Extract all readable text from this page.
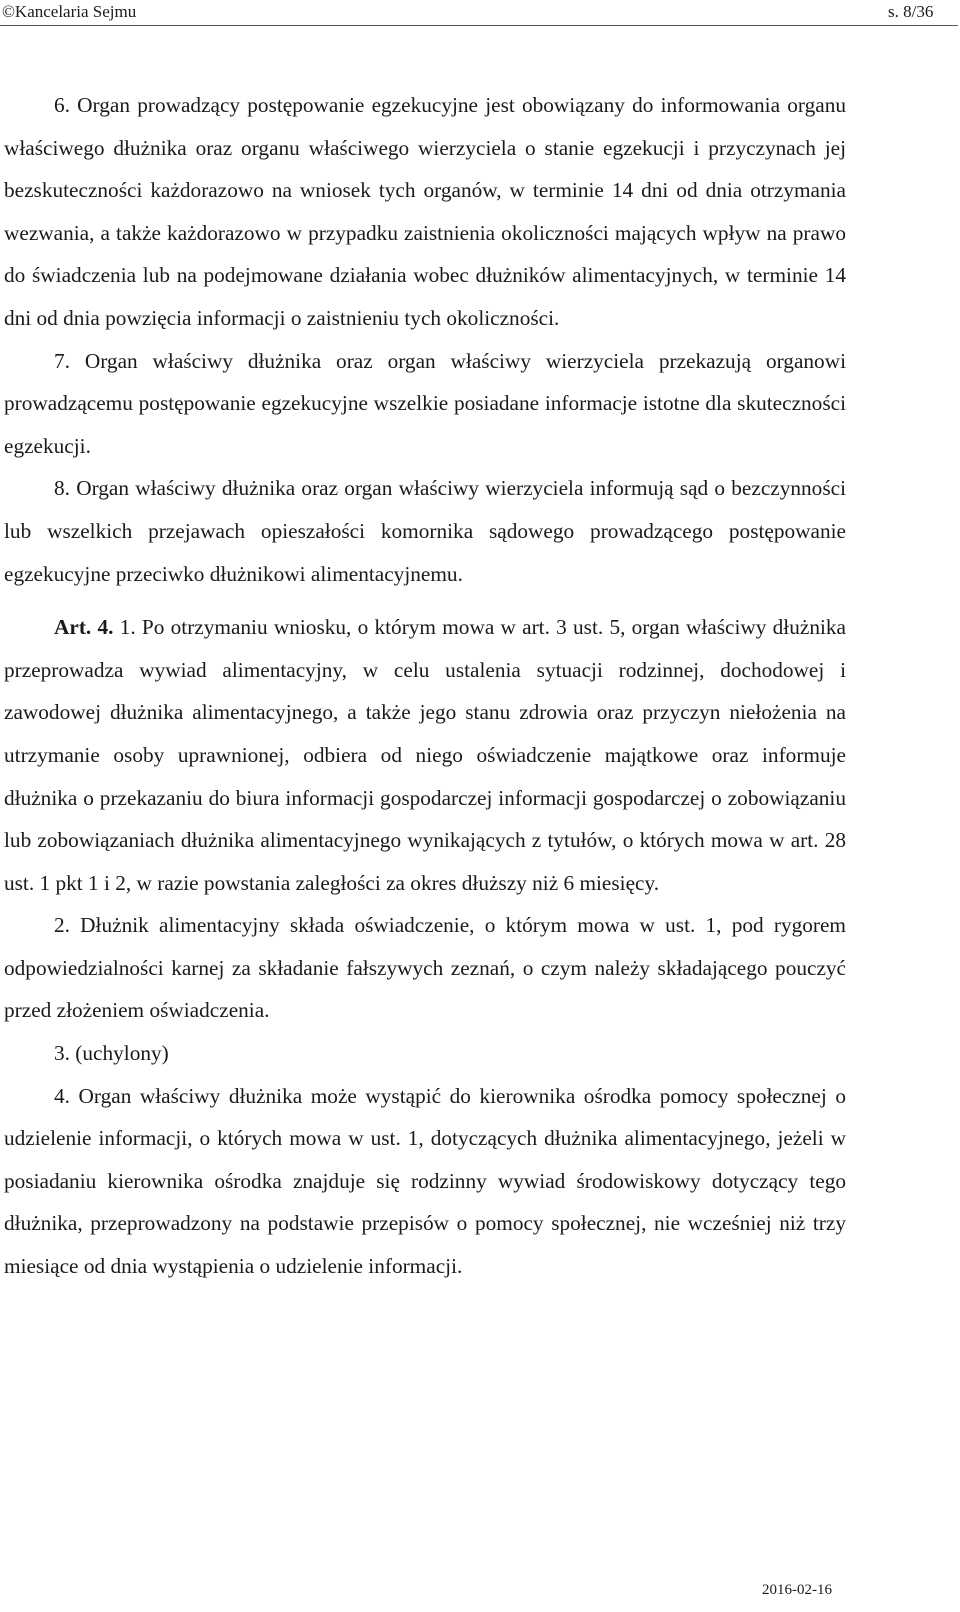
©Kancelaria Sejmu	s. 8/36

6. Organ prowadzący postępowanie egzekucyjne jest obowiązany do informowania organu właściwego dłużnika oraz organu właściwego wierzyciela o stanie egzekucji i przyczynach jej bezskuteczności każdorazowo na wniosek tych organów, w terminie 14 dni od dnia otrzymania wezwania, a także każdorazowo w przypadku zaistnienia okoliczności mających wpływ na prawo do świadczenia lub na podejmowane działania wobec dłużników alimentacyjnych, w terminie 14 dni od dnia powzięcia informacji o zaistnieniu tych okoliczności.

7. Organ właściwy dłużnika oraz organ właściwy wierzyciela przekazują organowi prowadzącemu postępowanie egzekucyjne wszelkie posiadane informacje istotne dla skuteczności egzekucji.

8. Organ właściwy dłużnika oraz organ właściwy wierzyciela informują sąd o bezczynności lub wszelkich przejawach opieszałości komornika sądowego prowadzącego postępowanie egzekucyjne przeciwko dłużnikowi alimentacyjnemu.

Art. 4. 1. Po otrzymaniu wniosku, o którym mowa w art. 3 ust. 5, organ właściwy dłużnika przeprowadza wywiad alimentacyjny, w celu ustalenia sytuacji rodzinnej, dochodowej i zawodowej dłużnika alimentacyjnego, a także jego stanu zdrowia oraz przyczyn niełożenia na utrzymanie osoby uprawnionej, odbiera od niego oświadczenie majątkowe oraz informuje dłużnika o przekazaniu do biura informacji gospodarczej informacji gospodarczej o zobowiązaniu lub zobowiązaniach dłużnika alimentacyjnego wynikających z tytułów, o których mowa w art. 28 ust. 1 pkt 1 i 2, w razie powstania zaległości za okres dłuższy niż 6 miesięcy.

2. Dłużnik alimentacyjny składa oświadczenie, o którym mowa w ust. 1, pod rygorem odpowiedzialności karnej za składanie fałszywych zeznań, o czym należy składającego pouczyć przed złożeniem oświadczenia.

3. (uchylony)

4. Organ właściwy dłużnika może wystąpić do kierownika ośrodka pomocy społecznej o udzielenie informacji, o których mowa w ust. 1, dotyczących dłużnika alimentacyjnego, jeżeli w posiadaniu kierownika ośrodka znajduje się rodzinny wywiad środowiskowy dotyczący tego dłużnika, przeprowadzony na podstawie przepisów o pomocy społecznej, nie wcześniej niż trzy miesiące od dnia wystąpienia o udzielenie informacji.

2016-02-16
